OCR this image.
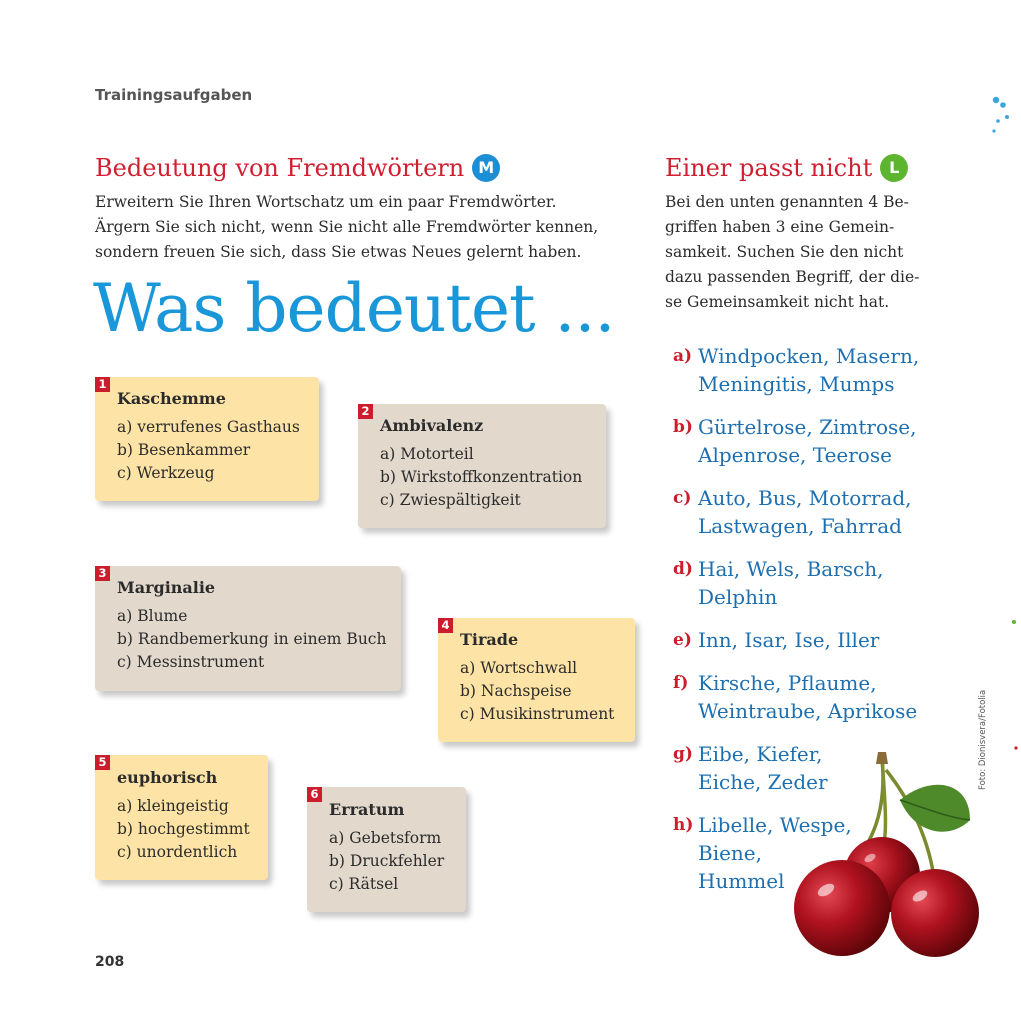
Trainingsaufgaben
Bedeutung von Fremdwörtern M
Erweitern Sie Ihren Wortschatz um ein paar Fremdwörter.
Ärgern Sie sich nicht, wenn Sie nicht alle Fremdwörter kennen,
sondern freuen Sie sich, dass Sie etwas Neues gelernt haben.
Was bedeutet ...
1
Kaschemme
a) verrufenes Gasthaus
b) Besenkammer
c) Werkzeug
2
Ambivalenz
a) Motorteil
b) Wirkstoffkonzentration
c) Zwiespältigkeit
3
Marginalie
a) Blume
b) Randbemerkung in einem Buch
c) Messinstrument
4
Tirade
a) Wortschwall
b) Nachspeise
c) Musikinstrument
5
euphorisch
a) kleingeistig
b) hochgestimmt
c) unordentlich
6
Erratum
a) Gebetsform
b) Druckfehler
c) Rätsel
Einer passt nicht	L
Bei den unten genannten 4 Be-
griffen haben 3 eine Gemein-
samkeit. Suchen Sie den nicht
dazu passenden Begriff, der die-
se Gemeinsamkeit nicht hat.
a) Windpocken, Masern,
Meningitis, Mumps
b) Gürtelrose, Zimtrose,
Alpenrose, Teerose
c) Auto, Bus, Motorrad,
Lastwagen, Fahrrad
d) Hai, Wels, Barsch,
Delphin
e) Inn, Isar, Ise, Iller
f) Kirsche, Pflaume,
Weintraube, Aprikose
g) Eibe, Kiefer,
Eiche, Zeder
h) Libelle, Wespe,
Biene,
Hummel
Foto: Dionisvera/Fotolia
208
